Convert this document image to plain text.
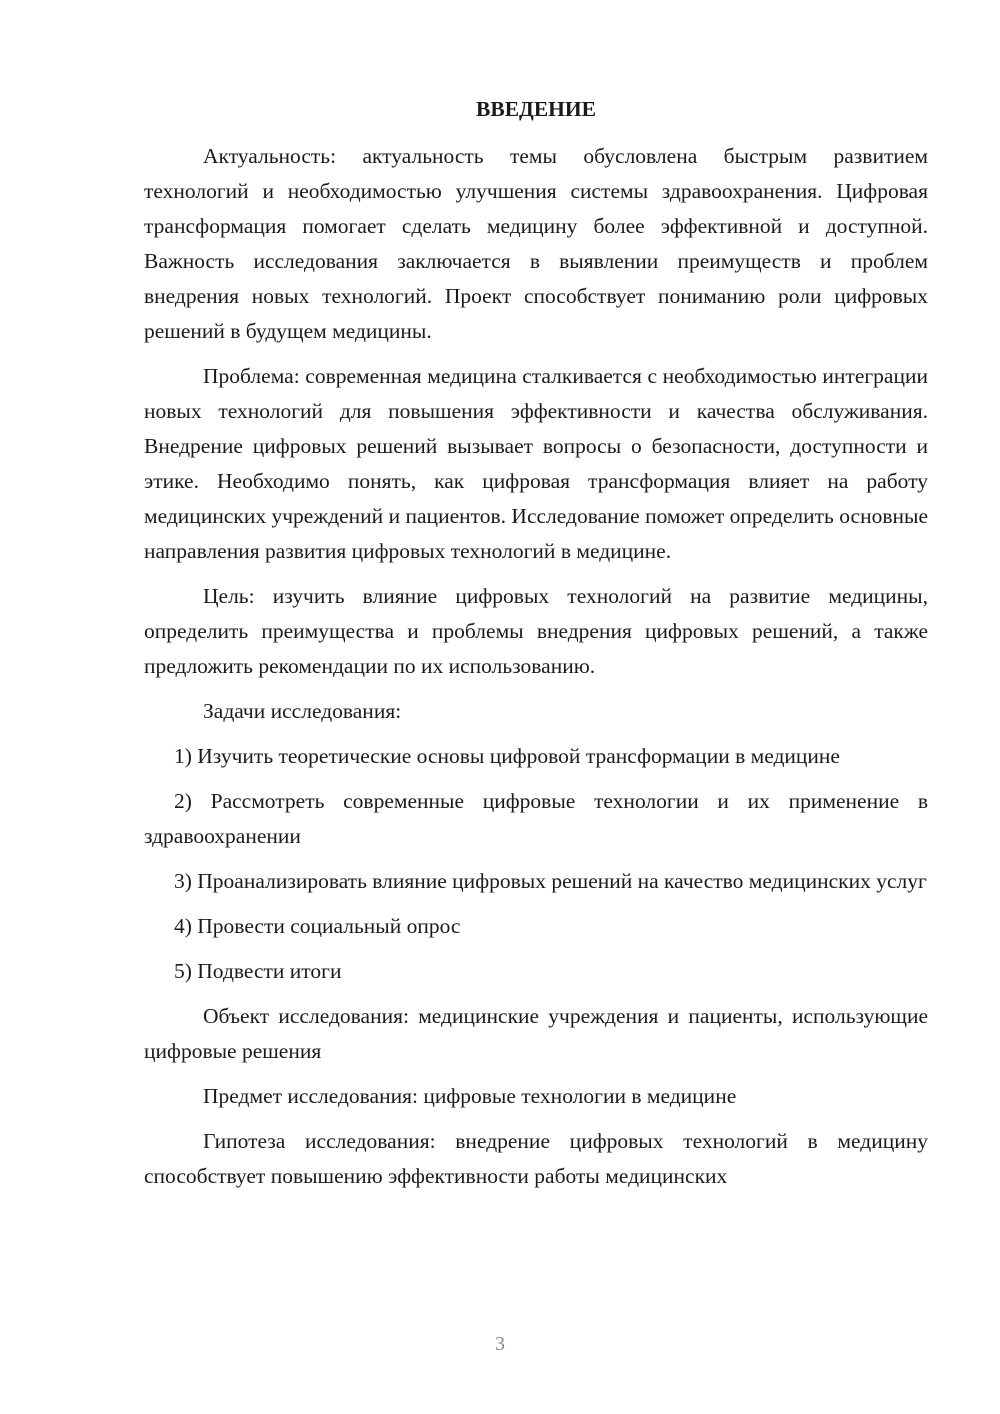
ВВЕДЕНИЕ

Актуальность: актуальность темы обусловлена быстрым развитием технологий и необходимостью улучшения системы здравоохранения. Цифровая трансформация помогает сделать медицину более эффективной и доступной. Важность исследования заключается в выявлении преимуществ и проблем внедрения новых технологий. Проект способствует пониманию роли цифровых решений в будущем медицины.

Проблема: современная медицина сталкивается с необходимостью интеграции новых технологий для повышения эффективности и качества обслуживания. Внедрение цифровых решений вызывает вопросы о безопасности, доступности и этике. Необходимо понять, как цифровая трансформация влияет на работу медицинских учреждений и пациентов. Исследование поможет определить основные направления развития цифровых технологий в медицине.

Цель: изучить влияние цифровых технологий на развитие медицины, определить преимущества и проблемы внедрения цифровых решений, а также предложить рекомендации по их использованию.

Задачи исследования:

1) Изучить теоретические основы цифровой трансформации в медицине

2) Рассмотреть современные цифровые технологии и их применение в здравоохранении

3) Проанализировать влияние цифровых решений на качество медицинских услуг

4) Провести социальный опрос

5) Подвести итоги

Объект исследования: медицинские учреждения и пациенты, использующие цифровые решения

Предмет исследования: цифровые технологии в медицине

Гипотеза исследования: внедрение цифровых технологий в медицину способствует повышению эффективности работы медицинских

3
